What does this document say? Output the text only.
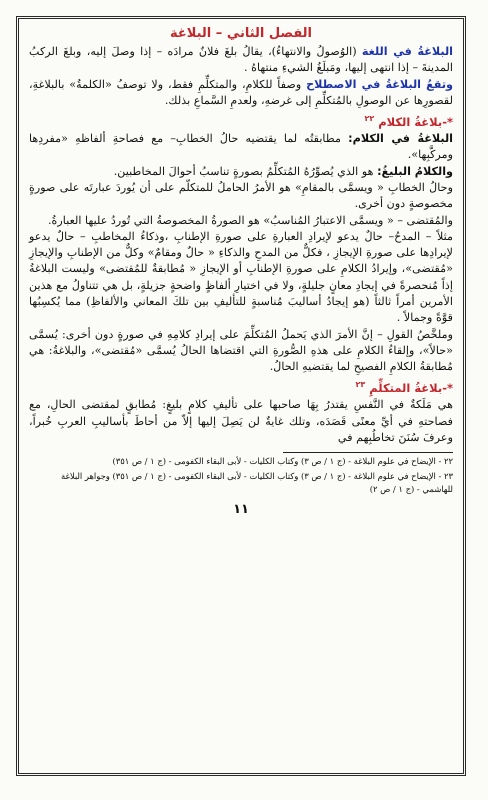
الفصل الثاني – البلاغة

البلاغةُ في اللغة (الوُصولُ والانتهاءُ)، يقالُ بلغَ فلانٌ مرادَه – إذا وصلَ إليه، وبلغَ الركبُ المدينةَ – إذا انتهى إليها، ومَبلَغُ الشيءِ منتهاهُ .

وتقعُ البلاغةُ في الاصطلاح وصفاً للكلامِ، والمتكلِّمِ فقط، ولا توصفُ «الكلمةُ» بالبلاغةِ، لقصورِها عن الوصولِ بالمُتكلِّمِ إلى غرضهِ، ولعدمِ السَّماعِ بذلك.

*-بلاغةُ الكلام $^{٢٢}$

البلاغةُ في الكلام: مطابقتُه لما يقتضيه حالُ الخطابِ– مع فصاحةِ ألفاظهِ «مفردِها ومركَّبِها».

والكلامُ البليغُ: هو الذي يُصوِّرُهُ المُتكلِّمُ بصورةٍ تناسبُ أحوالَ المخاطبين.

وحالُ الخطابِ « ويسمَّى بالمقامِ» هو الأمرُ الحاملُ للمتكلّم على أن يُوردَ عبارتَه على صورةٍ مخصوصةٍ دون أخرى.

والمُقتضى – « ويسمَّى الاعتبارُ المُناسبُ» هو الصورةُ المخصوصةُ التي تُوردُ عليها العبارةُ.

مثلاً – المدحُ– حالٌ يدعو لإيرادِ العبارةِ على صورةِ الإطنابِ ،وذكاءُ المخاطبِ – حالٌ يدعو لإيرادِها على صورةِ الإيجازِ ، فكلٌّ من المدحِ والذكاءِ « حالٌ ومقامٌ» وكلٌّ من الإطنابِ والإيجازِ «مُقتضى»، وإيرادُ الكلامِ على صورةِ الإطنابِ أو الإيجازِ « مُطابقةٌ للمُقتضى» وليست البلاغةُ إذاً مُنحصرةً في إيجادِ معانٍ جليلةٍ، ولا في اختيارِ ألفاظٍ واضحةٍ جزيلةٍ، بل هي تتناولُ مع هذين الأمرين أمراً ثالثاً (هو إيجادُ أساليبَ مُناسبةٍ للتأليفِ بين تلكَ المعاني والألفاظِ) مما يُكسِبُها قوَّةً وجمالاً .

وملخَّصُ القولِ – إنَّ الأمرَ الذي يَحملُ المُتكلِّمَ على إيرادِ كلامِهِ في صورةٍ دون أخرى: يُسمَّى «حالاً»، وإلقاءُ الكلامِ على هذهِ الصُّورةِ التي اقتضاها الحالُ يُسمَّى «مُقتضى»، والبلاغةُ: هي مُطابقةُ الكلامِ الفصيحِ لما يقتضيهِ الحالُ.

*-بلاغةُ المتكلِّمِ $^{٢٣}$

هي مَلَكةٌ في النَّفسِ يقتدرُ بِهَا صاحبها على تأليفِ كلامٍ بليغٍ: مُطابقٍ لمقتضى الحالِ، مع فصاحتهِ في أيِّ معنًى قَصَدَه، وتلك غايةٌ لن يَصِلَ إليها إلاّ من أحاطَ بأساليبِ العربِ خُبراً، وعرفَ سُنَنَ تخاطُبِهم في

٢٢ - الإيضاح في علوم البلاغة - (ج ١ / ص ٣) وكتاب الكليات - لأبى البقاء الكفومى - (ج ١ / ص ٣٥١)
٢٣ - الإيضاح في علوم البلاغة - (ج ١ / ص ٣) وكتاب الكليات - لأبى البقاء الكفومى - (ج ١ / ص ٣٥١) وجواهر البلاغة للهاشمي - (ج ١ / ص ٢)
١١
